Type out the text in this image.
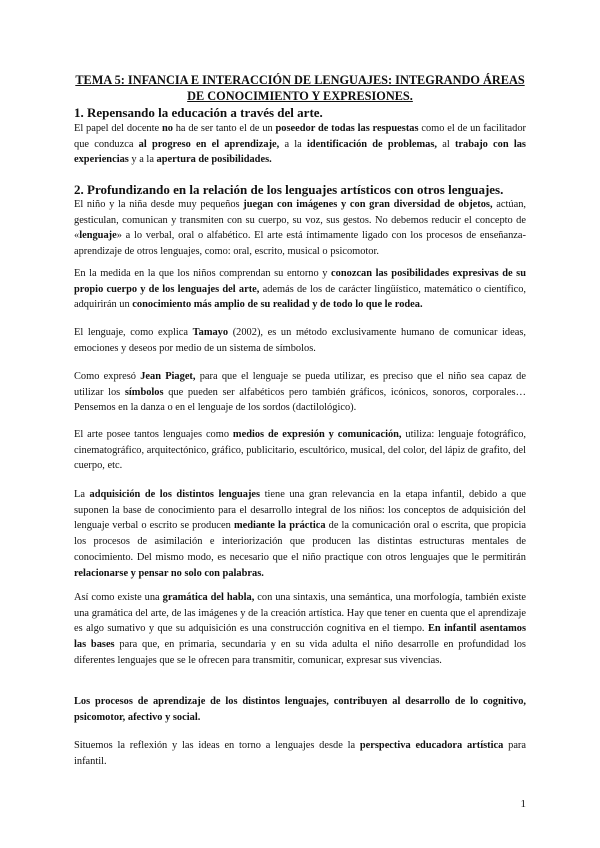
TEMA 5: INFANCIA E INTERACCIÓN DE LENGUAJES: INTEGRANDO ÁREAS
DE CONOCIMIENTO Y EXPRESIONES.
1. Repensando la educación a través del arte.

El papel del docente no ha de ser tanto el de un poseedor de todas las respuestas como el de un facilitador que conduzca al progreso en el aprendizaje, a la identificación de problemas, al trabajo con las experiencias y a la apertura de posibilidades.

2. Profundizando en la relación de los lenguajes artísticos con otros lenguajes.

El niño y la niña desde muy pequeños juegan con imágenes y con gran diversidad de objetos, actúan, gesticulan, comunican y transmiten con su cuerpo, su voz, sus gestos. No debemos reducir el concepto de «lenguaje» a lo verbal, oral o alfabético. El arte está íntimamente ligado con los procesos de enseñanza-aprendizaje de otros lenguajes, como: oral, escrito, musical o psicomotor.

En la medida en la que los niños comprendan su entorno y conozcan las posibilidades expresivas de su propio cuerpo y de los lenguajes del arte, además de los de carácter lingüístico, matemático o científico, adquirirán un conocimiento más amplio de su realidad y de todo lo que le rodea.

El lenguaje, como explica Tamayo (2002), es un método exclusivamente humano de comunicar ideas, emociones y deseos por medio de un sistema de símbolos.

Como expresó Jean Piaget, para que el lenguaje se pueda utilizar, es preciso que el niño sea capaz de utilizar los símbolos que pueden ser alfabéticos pero también gráficos, icónicos, sonoros, corporales… Pensemos en la danza o en el lenguaje de los sordos (dactilológico).

El arte posee tantos lenguajes como medios de expresión y comunicación, utiliza: lenguaje fotográfico, cinematográfico, arquitectónico, gráfico, publicitario, escultórico, musical, del color, del lápiz de grafito, del cuerpo, etc.

La adquisición de los distintos lenguajes tiene una gran relevancia en la etapa infantil, debido a que suponen la base de conocimiento para el desarrollo integral de los niños: los conceptos de adquisición del lenguaje verbal o escrito se producen mediante la práctica de la comunicación oral o escrita, que propicia los procesos de asimilación e interiorización que producen las distintas estructuras mentales de conocimiento. Del mismo modo, es necesario que el niño practique con otros lenguajes que le permitirán relacionarse y pensar no solo con palabras.

Así como existe una gramática del habla, con una sintaxis, una semántica, una morfología, también existe una gramática del arte, de las imágenes y de la creación artística. Hay que tener en cuenta que el aprendizaje es algo sumativo y que su adquisición es una construcción cognitiva en el tiempo. En infantil asentamos las bases para que, en primaria, secundaria y en su vida adulta el niño desarrolle en profundidad los diferentes lenguajes que se le ofrecen para transmitir, comunicar, expresar sus vivencias.

Los procesos de aprendizaje de los distintos lenguajes, contribuyen al desarrollo de lo cognitivo, psicomotor, afectivo y social.

Situemos la reflexión y las ideas en torno a lenguajes desde la perspectiva educadora artística para infantil.

1
